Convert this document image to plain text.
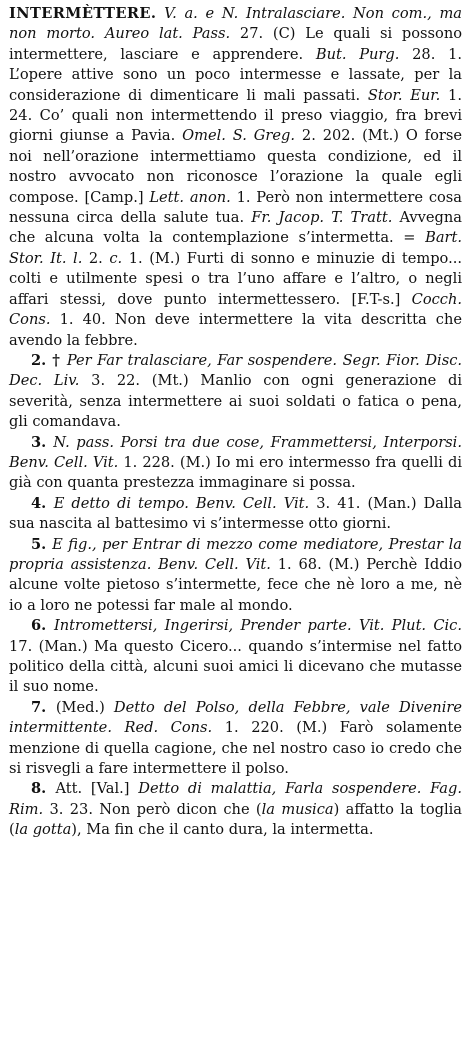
INTERMÈTTERE. V. a. e N. Intralasciare. Non com., ma non morto. Aureo lat. Pass. 27. (C) Le quali si possono intermettere, lasciare e apprendere. But. Purg. 28. 1. L’opere attive sono un poco intermesse e lassate, per la considerazione di dimenticare li mali passati. Stor. Eur. 1. 24. Co’ quali non intermettendo il preso viaggio, fra brevi giorni giunse a Pavia. Omel. S. Greg. 2. 202. (Mt.) O forse noi nell’orazione intermettiamo questa condizione, ed il nostro avvocato non riconosce l’orazione la quale egli compose. [Camp.] Lett. anon. 1. Però non intermettere cosa nessuna circa della salute tua. Fr. Jacop. T. Tratt. Avvegna che alcuna volta la contemplazione s’intermetta. = Bart. Stor. It. l. 2. c. 1. (M.) Furti di sonno e minuzie di tempo... colti e utilmente spesi o tra l’uno affare e l’altro, o negli affari stessi, dove punto intermettessero. [F.T-s.] Cocch. Cons. 1. 40. Non deve intermettere la vita descritta che avendo la febbre.

2. † Per Far tralasciare, Far sospendere. Segr. Fior. Disc. Dec. Liv. 3. 22. (Mt.) Manlio con ogni generazione di severità, senza intermettere ai suoi soldati o fatica o pena, gli comandava.

3. N. pass. Porsi tra due cose, Frammettersi, Interporsi. Benv. Cell. Vit. 1. 228. (M.) Io mi ero intermesso fra quelli di già con quanta prestezza immaginare si possa.

4. E detto di tempo. Benv. Cell. Vit. 3. 41. (Man.) Dalla sua nascita al battesimo vi s’intermesse otto giorni.

5. E fig., per Entrar di mezzo come mediatore, Prestar la propria assistenza. Benv. Cell. Vit. 1. 68. (M.) Perchè Iddio alcune volte pietoso s’intermette, fece che nè loro a me, nè io a loro ne potessi far male al mondo.

6. Intromettersi, Ingerirsi, Prender parte. Vit. Plut. Cic. 17. (Man.) Ma questo Cicero... quando s’intermise nel fatto politico della città, alcuni suoi amici li dicevano che mutasse il suo nome.

7. (Med.) Detto del Polso, della Febbre, vale Divenire intermittente. Red. Cons. 1. 220. (M.) Farò solamente menzione di quella cagione, che nel nostro caso io credo che si risvegli a fare intermettere il polso.

8. Att. [Val.] Detto di malattia, Farla sospendere. Fag. Rim. 3. 23. Non però dicon che (la musica) affatto la toglia (la gotta), Ma fin che il canto dura, la intermetta.
